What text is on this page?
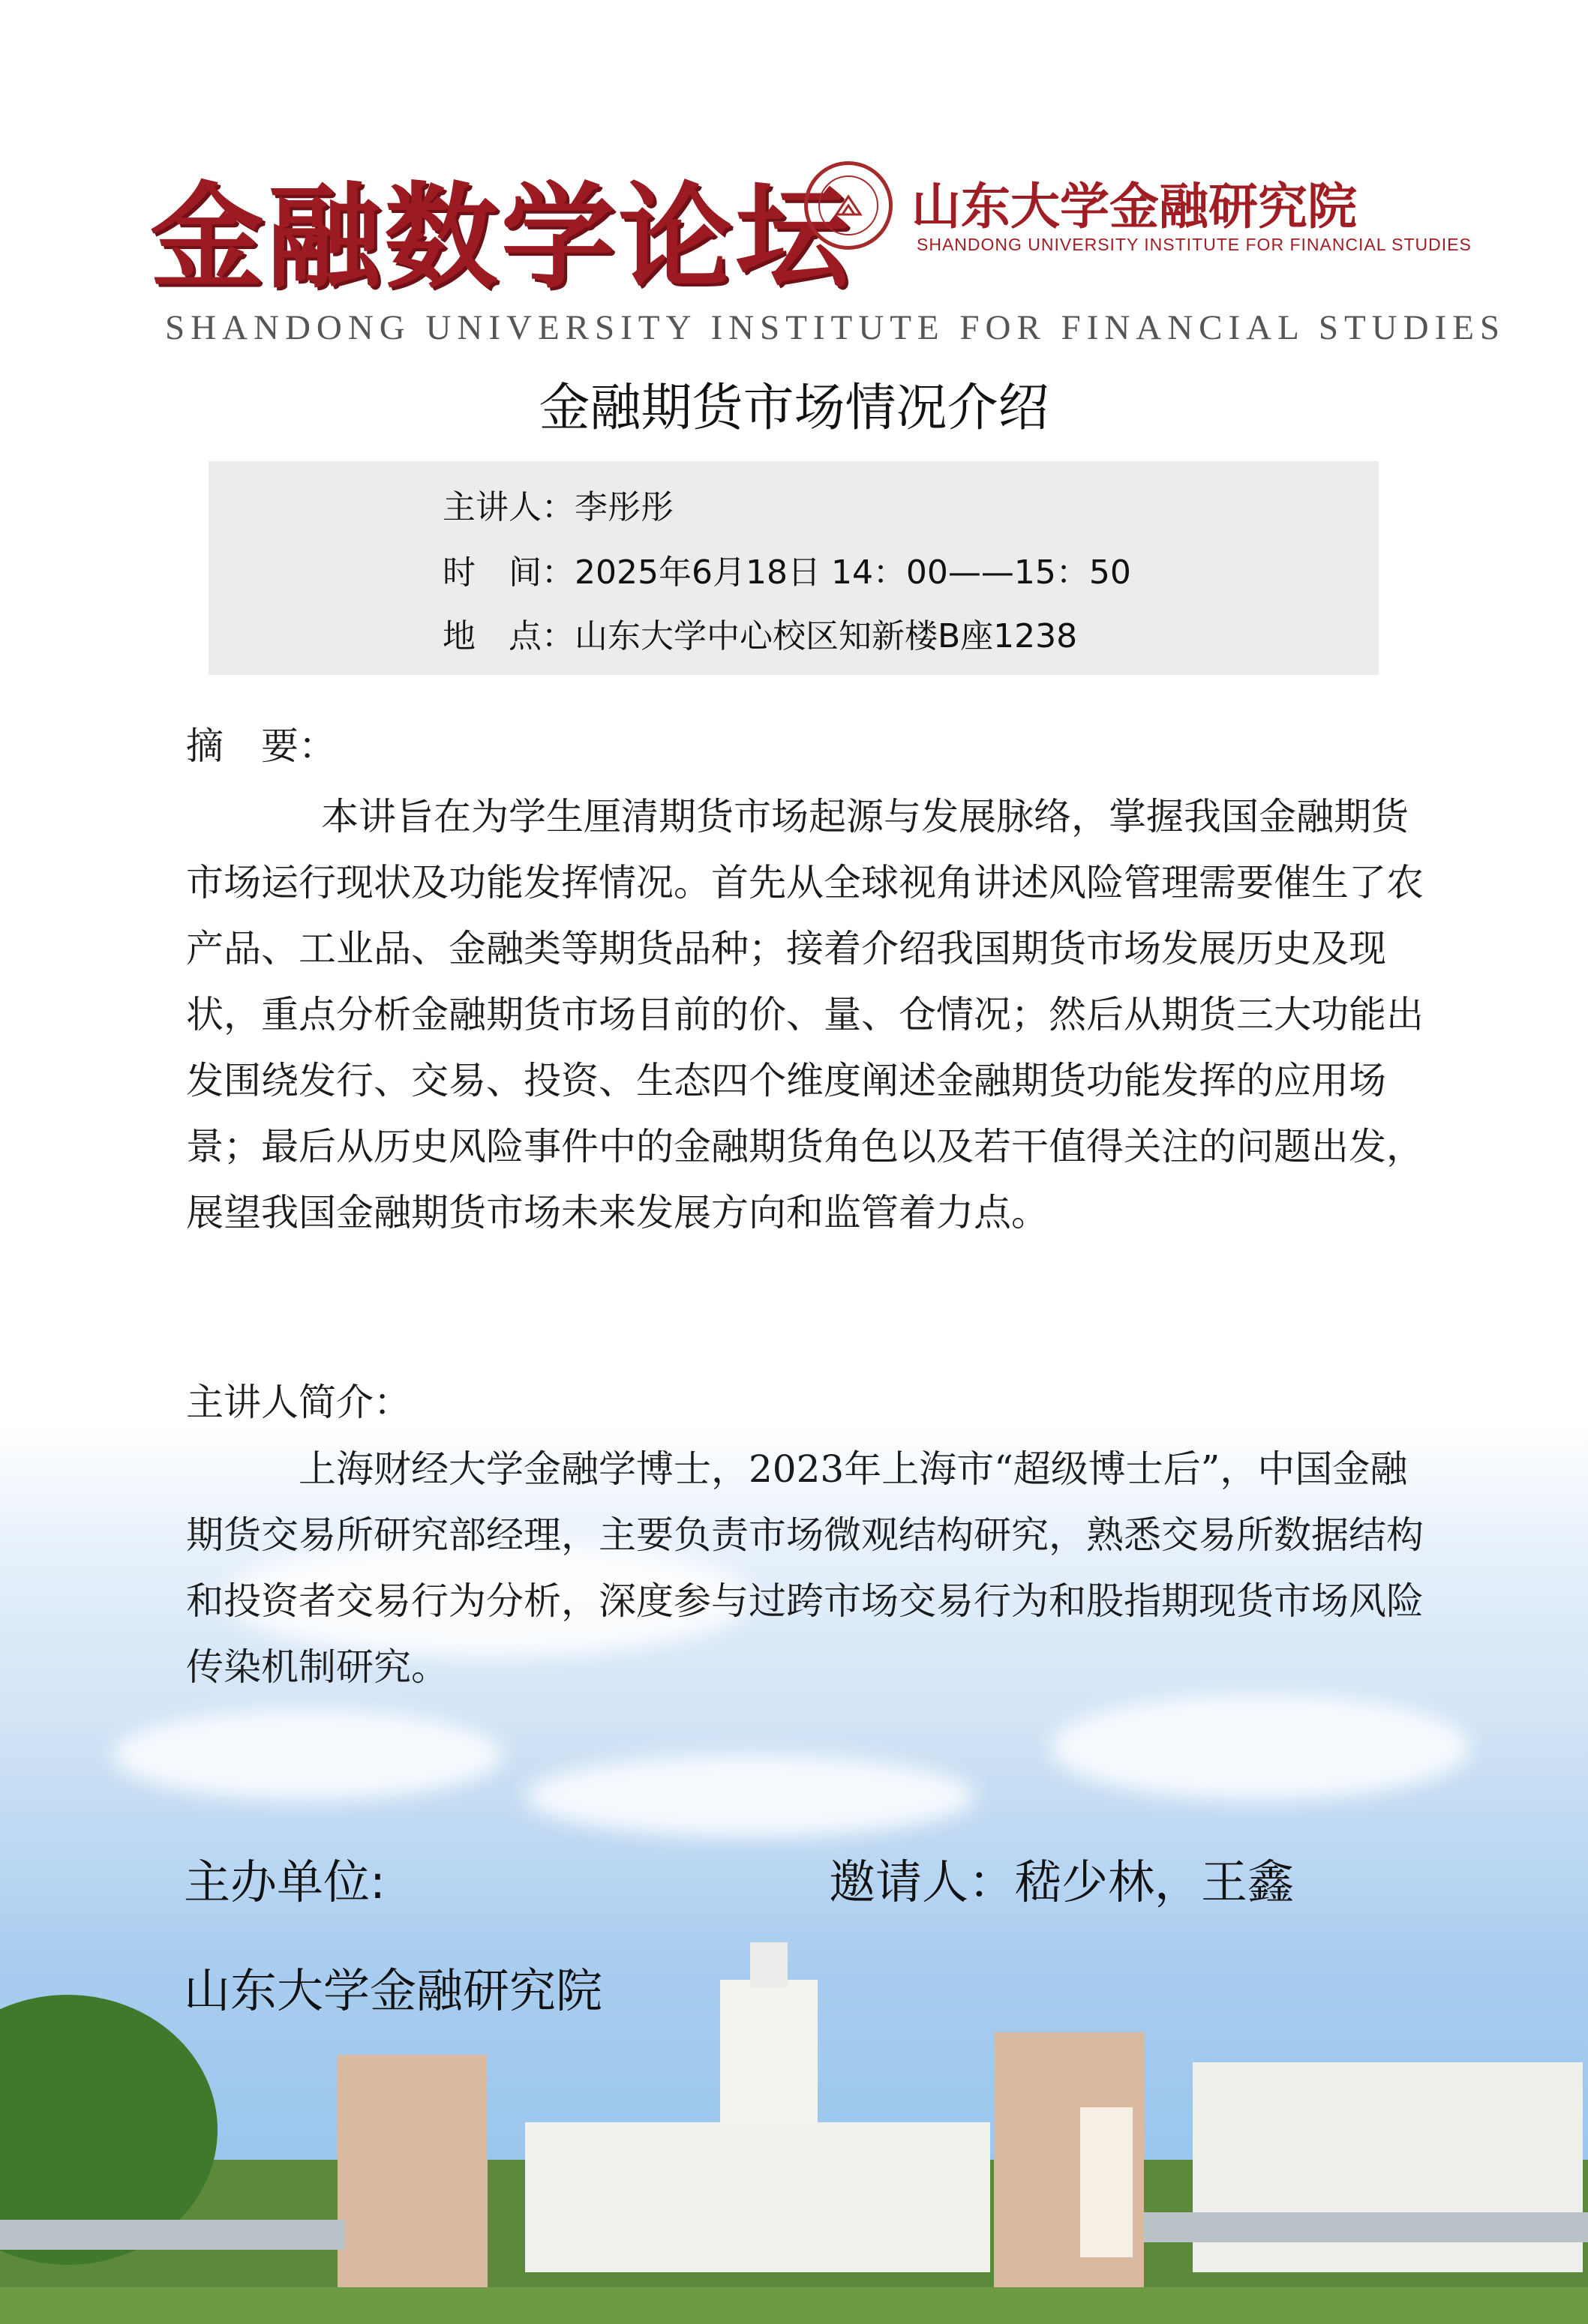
金融数学论坛 山东大学金融研究院
SHANDONG UNIVERSITY INSTITUTE FOR FINANCIAL STUDIES
SHANDONG UNIVERSITY INSTITUTE FOR FINANCIAL STUDIES
金融期货市场情况介绍
主讲人：李彤彤
时　间：2025年6月18日 14：00——15：50
地　点：山东大学中心校区知新楼B座1238
摘　要：
本讲旨在为学生厘清期货市场起源与发展脉络，掌握我国金融期货市场运行现状及功能发挥情况。首先从全球视角讲述风险管理需要催生了农产品、工业品、金融类等期货品种；接着介绍我国期货市场发展历史及现状，重点分析金融期货市场目前的价、量、仓情况；然后从期货三大功能出发围绕发行、交易、投资、生态四个维度阐述金融期货功能发挥的应用场景；最后从历史风险事件中的金融期货角色以及若干值得关注的问题出发，展望我国金融期货市场未来发展方向和监管着力点。
主讲人简介：
上海财经大学金融学博士，2023年上海市“超级博士后”，中国金融期货交易所研究部经理，主要负责市场微观结构研究，熟悉交易所数据结构和投资者交易行为分析，深度参与过跨市场交易行为和股指期现货市场风险传染机制研究。
主办单位:	邀请人：嵇少林，王鑫
山东大学金融研究院
